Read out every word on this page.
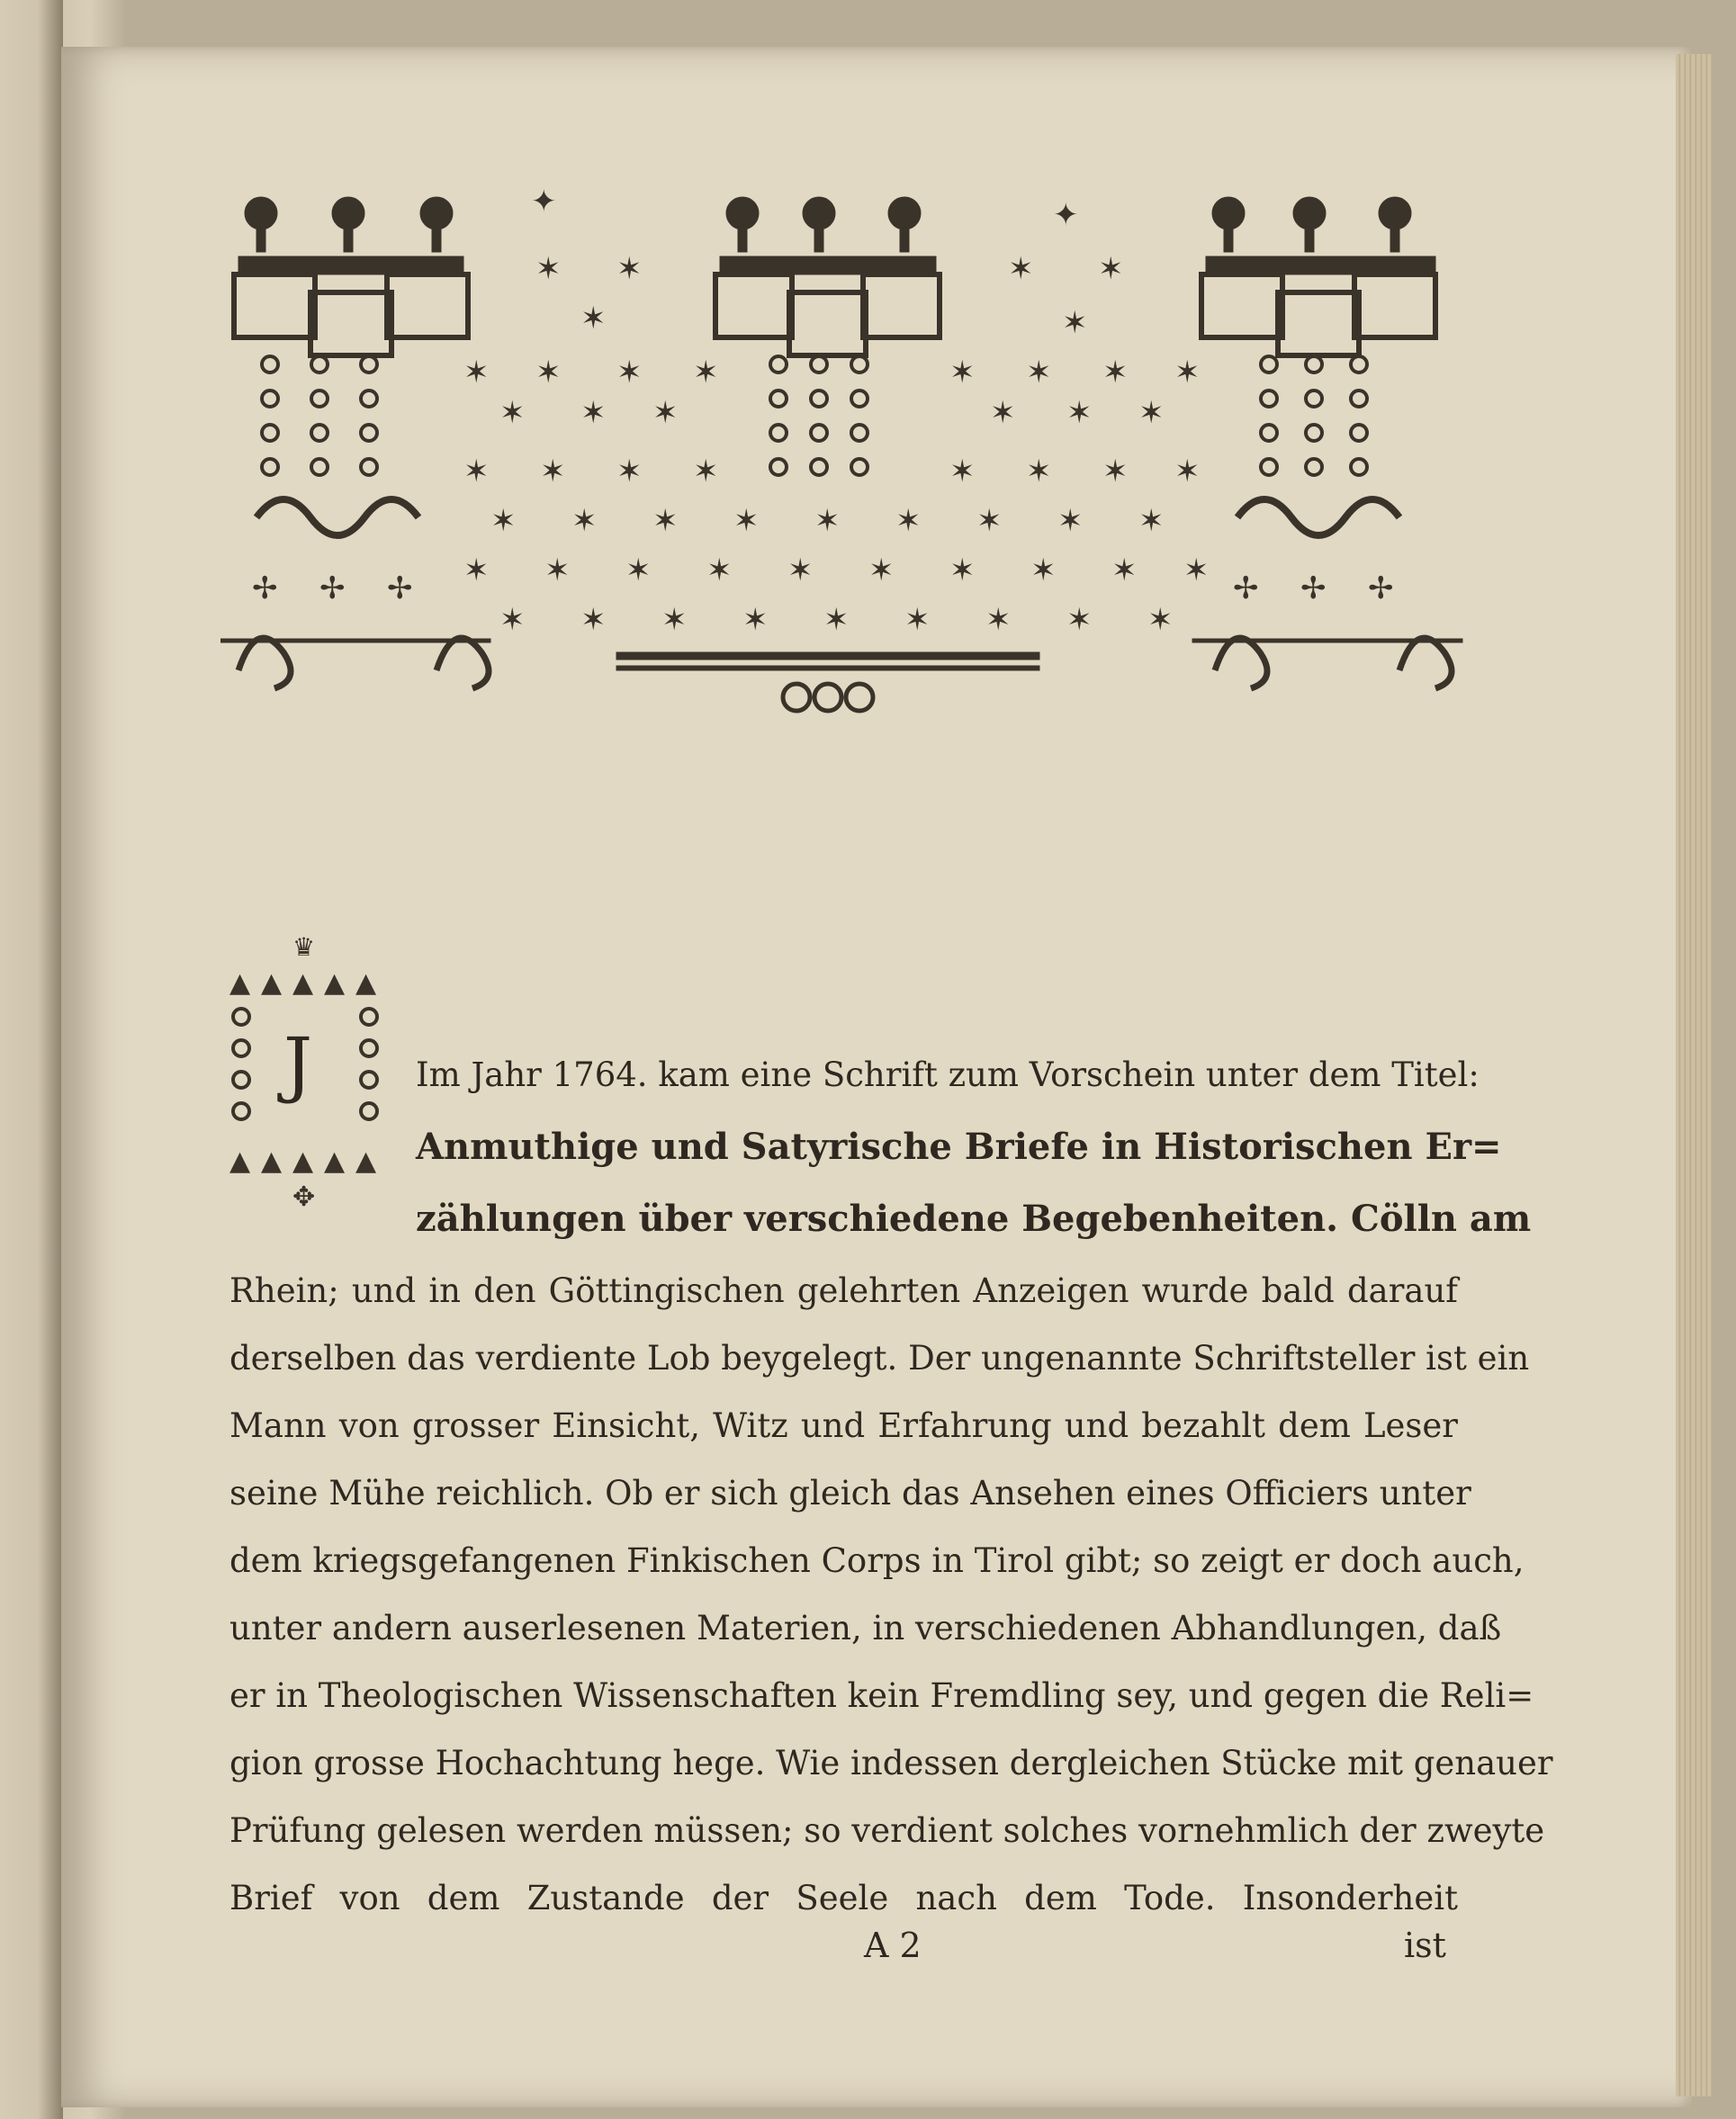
✦	✦
✶ ✶	✶ ✶
✶	✶
✶ ✶ ✶ ✶	✶ ✶ ✶ ✶
✶ ✶ ✶	✶ ✶ ✶
✶ ✶ ✶ ✶	✶ ✶ ✶ ✶
✶ ✶ ✶ ✶ ✶ ✶ ✶ ✶ ✶
✶ ✶ ✶ ✶ ✶ ✶ ✶ ✶ ✶ ✶
✶ ✶ ✶ ✶ ✶ ✶ ✶ ✶ ✶
✢ ✢ ✢	✢ ✢ ✢
♛
▲ ▲ ▲ ▲ ▲
▲ ▲ ▲ ▲ ▲
✥
J	Im Jahr 1764. kam eine Schrift zum Vorschein unter dem Titel:
Anmuthige und Satyrische Briefe in Historischen Er=
zählungen über verschiedene Begebenheiten. Cölln am
Rhein; und in den Göttingischen gelehrten Anzeigen wurde bald darauf
derselben das verdiente Lob beygelegt. Der ungenannte Schriftsteller ist ein
Mann von grosser Einsicht, Witz und Erfahrung und bezahlt dem Leser
seine Mühe reichlich. Ob er sich gleich das Ansehen eines Officiers unter
dem kriegsgefangenen Finkischen Corps in Tirol gibt; so zeigt er doch auch,
unter andern auserlesenen Materien, in verschiedenen Abhandlungen, daß
er in Theologischen Wissenschaften kein Fremdling sey, und gegen die Reli=
gion grosse Hochachtung hege. Wie indessen dergleichen Stücke mit genauer
Prüfung gelesen werden müssen; so verdient solches vornehmlich der zweyte
Brief von dem Zustande der Seele nach dem Tode. Insonderheit
A 2	ist
